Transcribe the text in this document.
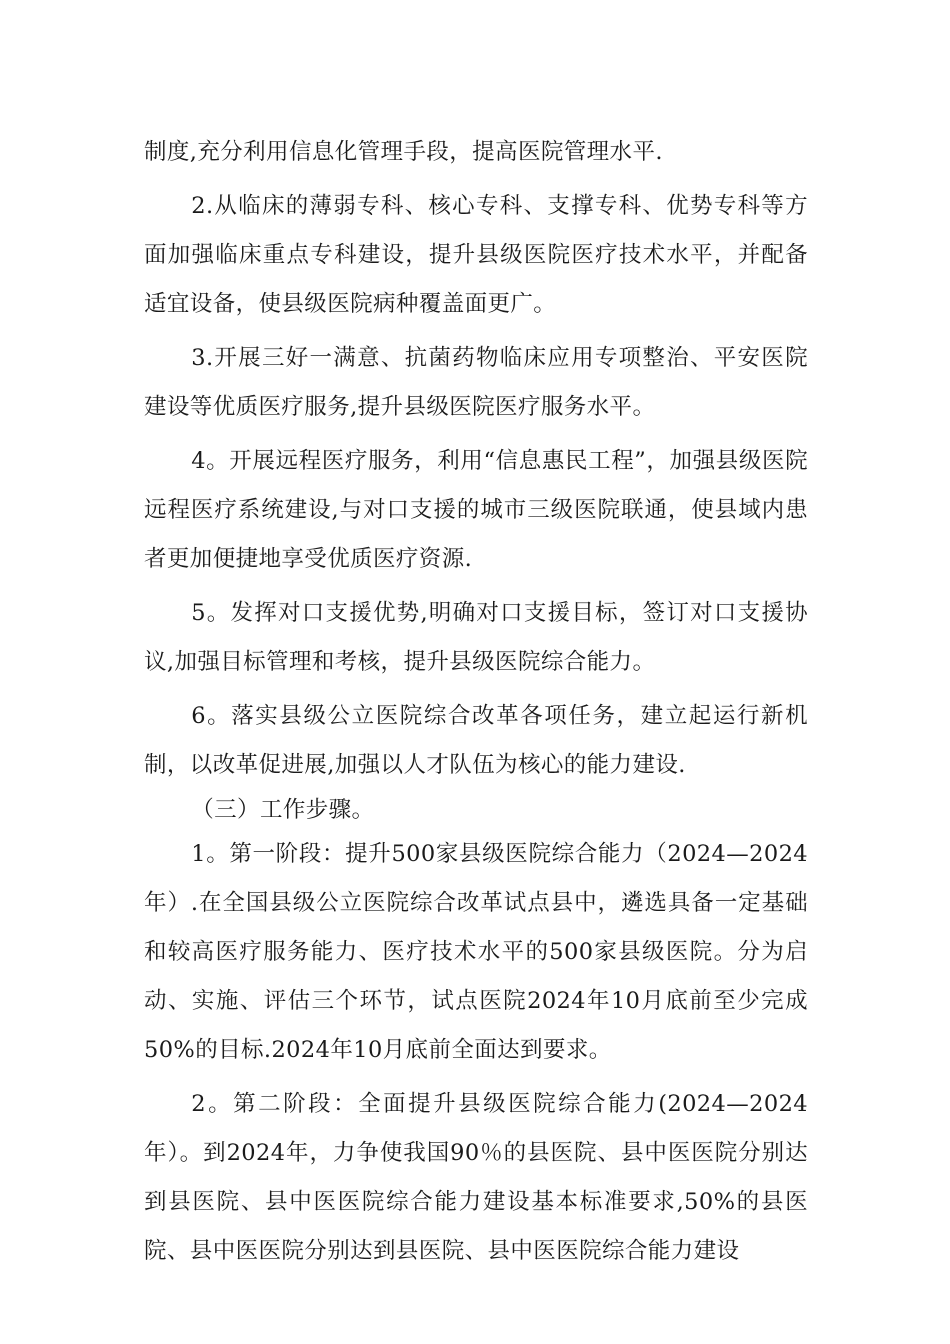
制度,充分利用信息化管理手段，提高医院管理水平.

2.从临床的薄弱专科、核心专科、支撑专科、优势专科等方面加强临床重点专科建设，提升县级医院医疗技术水平，并配备适宜设备，使县级医院病种覆盖面更广。

3.开展三好一满意、抗菌药物临床应用专项整治、平安医院建设等优质医疗服务,提升县级医院医疗服务水平。

4。开展远程医疗服务，利用“信息惠民工程”，加强县级医院远程医疗系统建设,与对口支援的城市三级医院联通，使县域内患者更加便捷地享受优质医疗资源.

5。发挥对口支援优势,明确对口支援目标，签订对口支援协议,加强目标管理和考核，提升县级医院综合能力。

6。落实县级公立医院综合改革各项任务，建立起运行新机制，以改革促进展,加强以人才队伍为核心的能力建设.

（三）工作步骤。

1。第一阶段：提升500家县级医院综合能力（2024—2024年）.在全国县级公立医院综合改革试点县中，遴选具备一定基础和较高医疗服务能力、医疗技术水平的500家县级医院。分为启动、实施、评估三个环节，试点医院2024年10月底前至少完成50%的目标.2024年10月底前全面达到要求。

2。第二阶段：全面提升县级医院综合能力(2024—2024年）。到2024年，力争使我国90％的县医院、县中医医院分别达到县医院、县中医医院综合能力建设基本标准要求,50%的县医院、县中医医院分别达到县医院、县中医医院综合能力建设
